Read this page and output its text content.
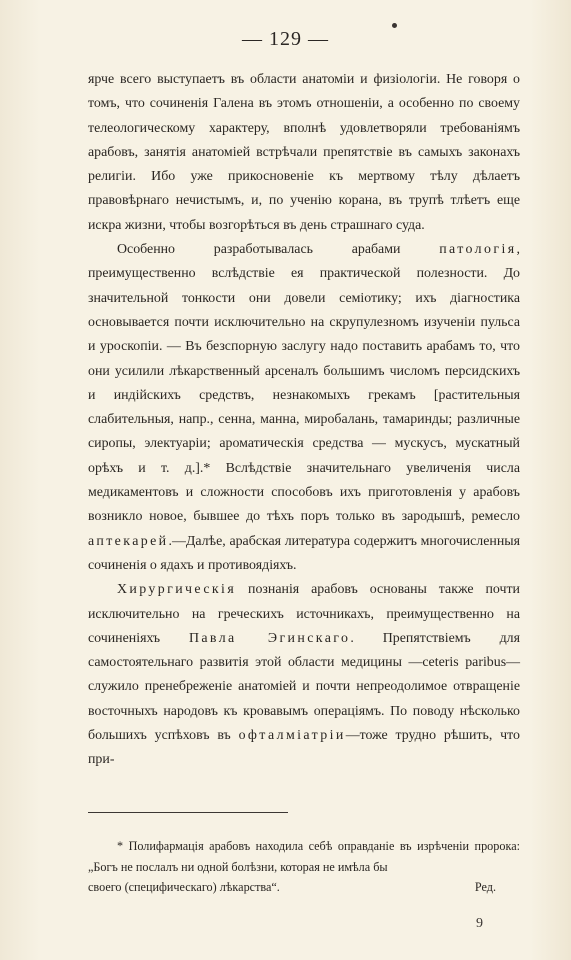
— 129 —

ярче всего выступаетъ въ области анатоміи и физіологіи. Не говоря о томъ, что сочиненія Галена въ этомъ отношеніи, а особенно по своему телеологическому характеру, вполнѣ удовлетворяли требованіямъ арабовъ, занятія анатоміей встрѣчали препятствіе въ самыхъ законахъ религіи. Ибо уже прикосновеніе къ мертвому тѣлу дѣлаетъ правовѣрнаго нечистымъ, и, по ученію корана, въ трупѣ тлѣетъ еще искра жизни, чтобы возгорѣться въ день страшнаго суда.

Особенно разработывалась арабами	патологія, преимущественно вслѣдствіе ея практической полезности. До значительной тонкости они довели семіотику; ихъ діагностика основывается почти исключительно на скрупулезномъ изученіи пульса и уроскопіи. — Въ безспорную заслугу надо поставить арабамъ то, что они усилили лѣкарственный арсеналъ большимъ числомъ персидскихъ и индійскихъ средствъ, незнакомыхъ грекамъ [растительныя слабительныя, напр., сенна, манна, миробалань, тамаринды; различные сиропы, электуаріи; ароматическія средства — мускусъ, мускатный орѣхъ и т. д.].* Вслѣдствіе значительнаго увеличенія числа медикаментовъ и сложности способовъ ихъ приготовленія у арабовъ возникло новое, бывшее до тѣхъ поръ только въ зародышѣ, ремесло аптекарей.—Далѣе, арабская литература содержитъ многочисленныя сочиненія о ядахъ и противоядіяхъ.

Хирургическія познанія арабовъ основаны также почти исключительно на греческихъ источникахъ, преимущественно на сочиненіяхъ Павла Эгинскаго. Препятствіемъ для самостоятельнаго развитія этой области медицины —ceteris paribus—служило пренебреженіе анатоміей и почти непреодолимое отвращеніе восточныхъ народовъ къ кровавымъ операціямъ. По поводу нѣсколько большихъ успѣховъ въ офталміатріи—тоже трудно рѣшить, что при-

* Полифармація арабовъ находила себѣ оправданіе въ изрѣченіи пророка: „Богъ не послалъ ни одной болѣзни, которая не имѣла бы

своего (специфическаго) лѣкарства“.	Ред.
9
